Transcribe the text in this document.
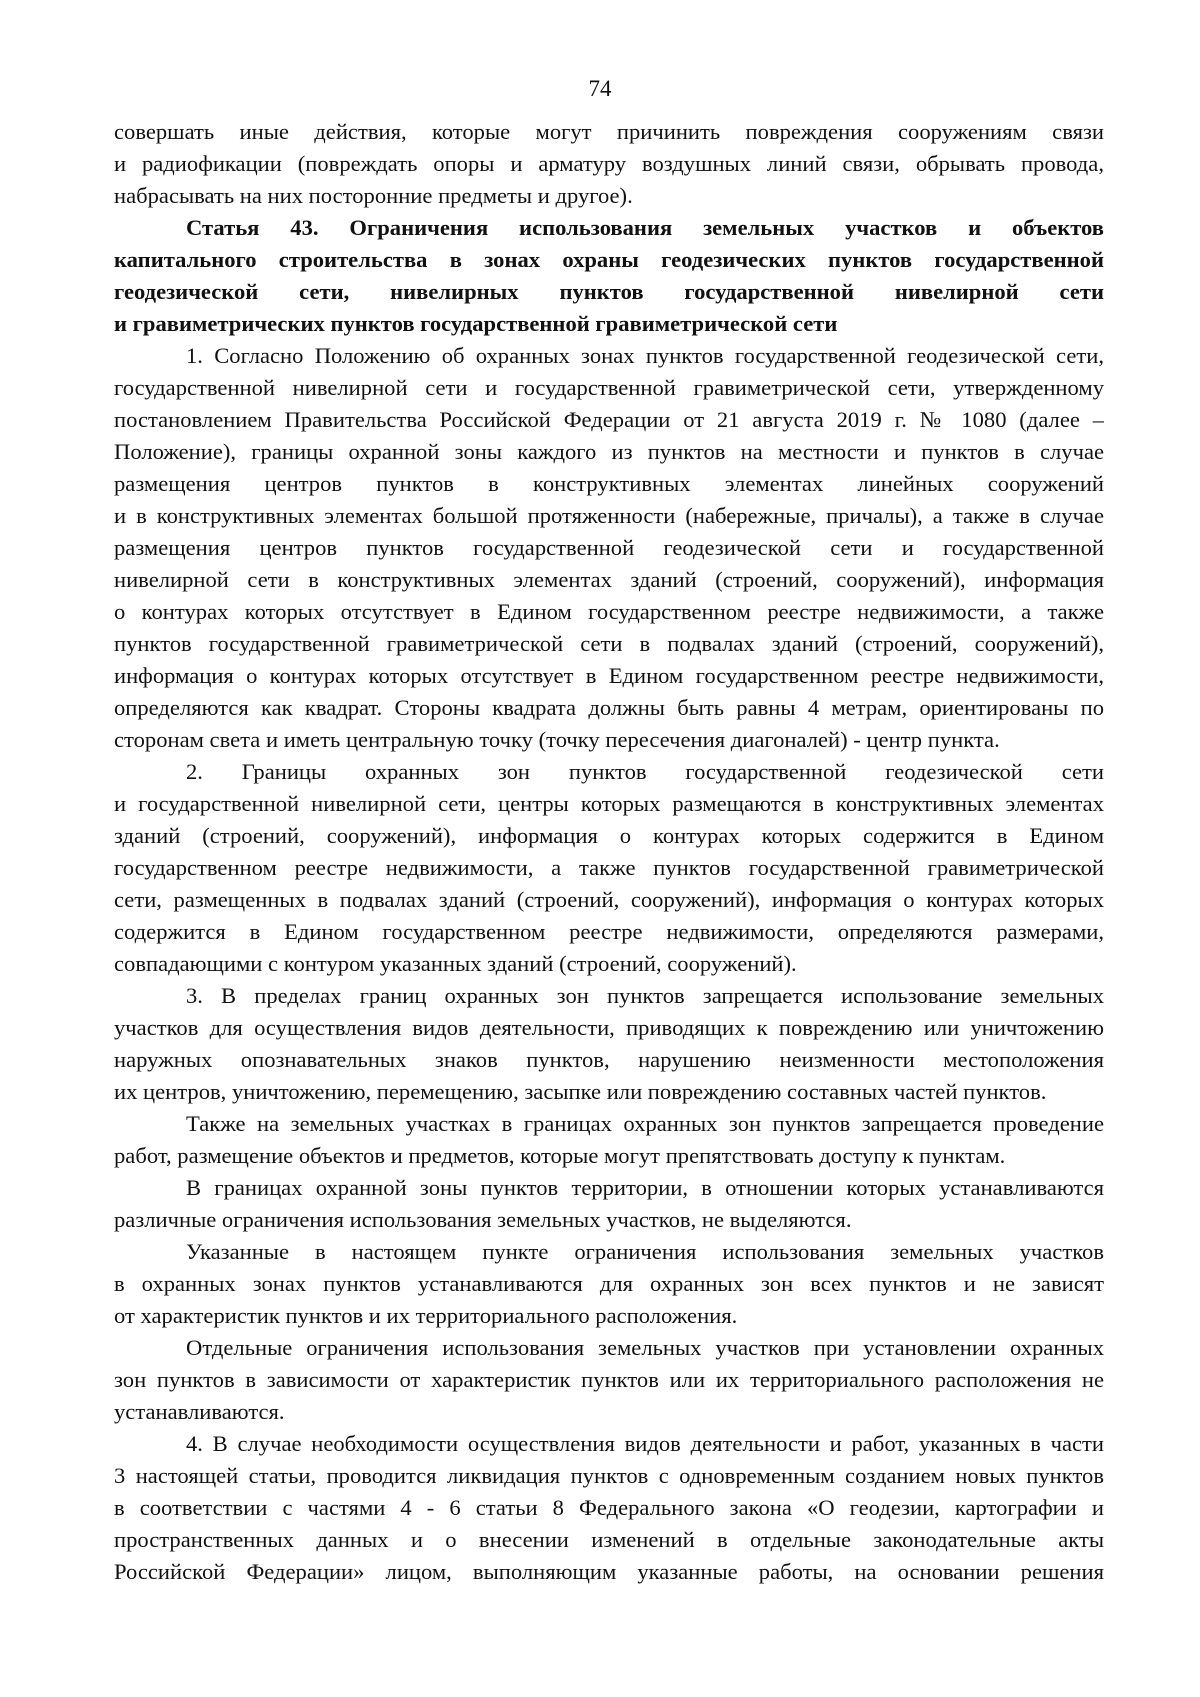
74
совершать иные действия, которые могут причинить повреждения сооружениям связи
и радиофикации (повреждать опоры и арматуру воздушных линий связи, обрывать провода,
набрасывать на них посторонние предметы и другое).
Статья 43. Ограничения использования земельных участков и объектов
капитального строительства в зонах охраны геодезических пунктов государственной
геодезической сети, нивелирных пунктов государственной нивелирной сети
и гравиметрических пунктов государственной гравиметрической сети
1. Согласно Положению об охранных зонах пунктов государственной геодезической сети,
государственной нивелирной сети и государственной гравиметрической сети, утвержденному
постановлением Правительства Российской Федерации от 21 августа 2019 г. № 1080 (далее –
Положение), границы охранной зоны каждого из пунктов на местности и пунктов в случае
размещения центров пунктов в конструктивных элементах линейных сооружений
и в конструктивных элементах большой протяженности (набережные, причалы), а также в случае
размещения центров пунктов государственной геодезической сети и государственной
нивелирной сети в конструктивных элементах зданий (строений, сооружений), информация
о контурах которых отсутствует в Едином государственном реестре недвижимости, а также
пунктов государственной гравиметрической сети в подвалах зданий (строений, сооружений),
информация о контурах которых отсутствует в Едином государственном реестре недвижимости,
определяются как квадрат. Стороны квадрата должны быть равны 4 метрам, ориентированы по
сторонам света и иметь центральную точку (точку пересечения диагоналей) - центр пункта.
2. Границы охранных зон пунктов государственной геодезической сети
и государственной нивелирной сети, центры которых размещаются в конструктивных элементах
зданий (строений, сооружений), информация о контурах которых содержится в Едином
государственном реестре недвижимости, а также пунктов государственной гравиметрической
сети, размещенных в подвалах зданий (строений, сооружений), информация о контурах которых
содержится в Едином государственном реестре недвижимости, определяются размерами,
совпадающими с контуром указанных зданий (строений, сооружений).
3. В пределах границ охранных зон пунктов запрещается использование земельных
участков для осуществления видов деятельности, приводящих к повреждению или уничтожению
наружных опознавательных знаков пунктов, нарушению неизменности местоположения
их центров, уничтожению, перемещению, засыпке или повреждению составных частей пунктов.
Также на земельных участках в границах охранных зон пунктов запрещается проведение
работ, размещение объектов и предметов, которые могут препятствовать доступу к пунктам.
В границах охранной зоны пунктов территории, в отношении которых устанавливаются
различные ограничения использования земельных участков, не выделяются.
Указанные в настоящем пункте ограничения использования земельных участков
в охранных зонах пунктов устанавливаются для охранных зон всех пунктов и не зависят
от характеристик пунктов и их территориального расположения.
Отдельные ограничения использования земельных участков при установлении охранных
зон пунктов в зависимости от характеристик пунктов или их территориального расположения не
устанавливаются.
4. В случае необходимости осуществления видов деятельности и работ, указанных в части
3 настоящей статьи, проводится ликвидация пунктов с одновременным созданием новых пунктов
в соответствии с частями 4 - 6 статьи 8 Федерального закона «О геодезии, картографии и
пространственных данных и о внесении изменений в отдельные законодательные акты
Российской Федерации» лицом, выполняющим указанные работы, на основании решения
